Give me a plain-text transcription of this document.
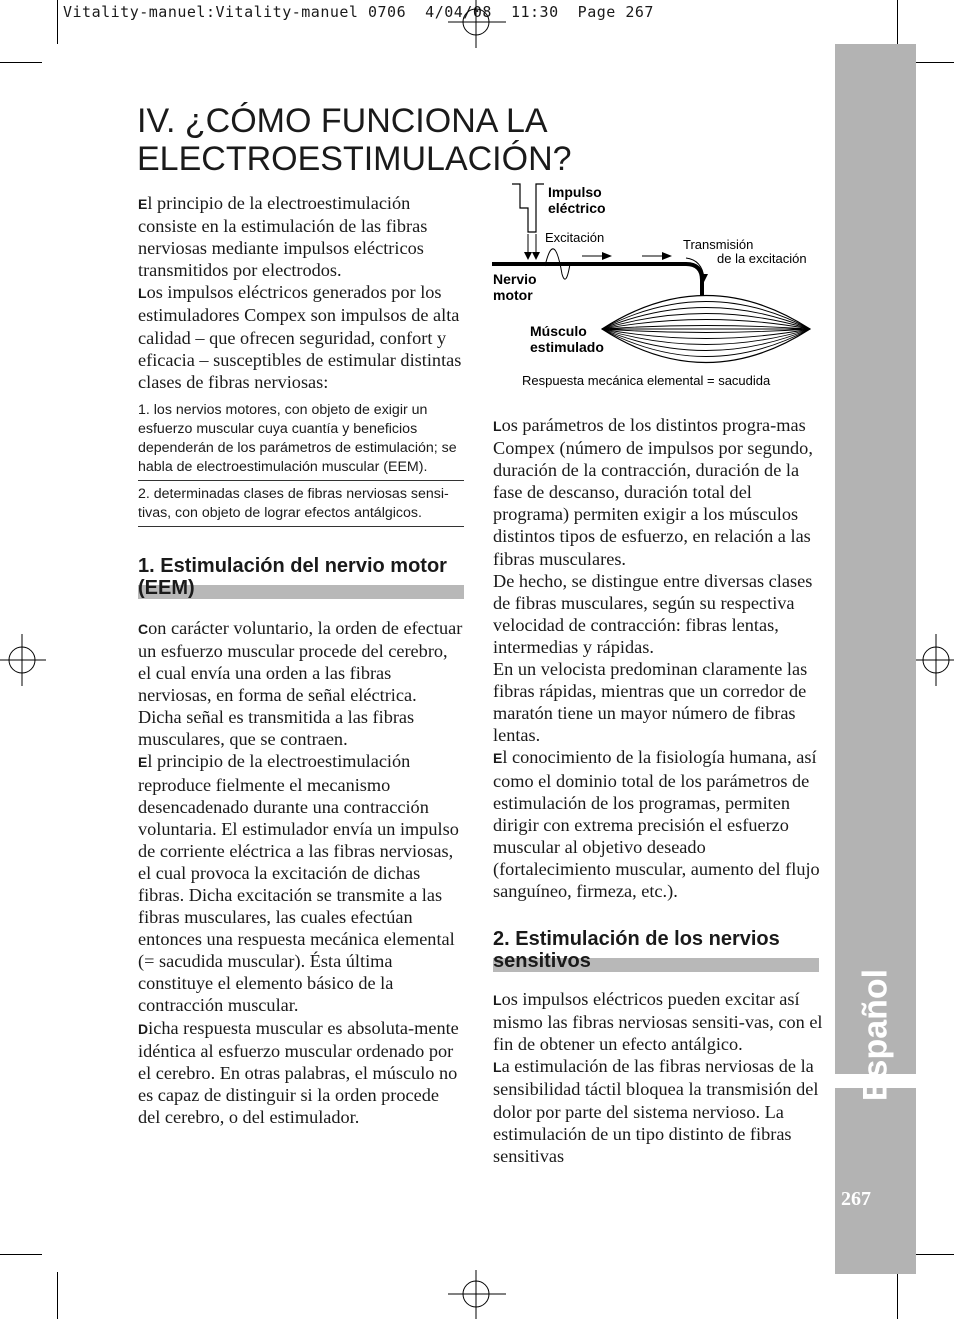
Vitality-manuel:Vitality-manuel 0706  4/04/08  11:30  Page 267
Español
267
IV. ¿CÓMO FUNCIONA LA ELECTROESTIMULACIÓN?

El principio de la electroestimulación consiste en la estimulación de las fibras nerviosas mediante impulsos eléctricos transmitidos por electrodos.

Los impulsos eléctricos generados por los estimuladores Compex son impulsos de alta calidad – que ofrecen seguridad, confort y eficacia – susceptibles de estimular distintas clases de fibras nerviosas:

1. los nervios motores, con objeto de exigir un esfuerzo muscular cuya cuantía y beneficios dependerán de los parámetros de estimulación; se habla de electroestimulación muscular (EEM).

2. determinadas clases de fibras nerviosas sensi-tivas, con objeto de lograr efectos antálgicos.

1. Estimulación del nervio motor (EEM)

Con carácter voluntario, la orden de efectuar un esfuerzo muscular procede del cerebro, el cual envía una orden a las fibras nerviosas, en forma de señal eléctrica. Dicha señal es transmitida a las fibras musculares, que se contraen.

El principio de la electroestimulación reproduce fielmente el mecanismo desencadenado durante una contracción voluntaria. El estimulador envía un impulso de corriente eléctrica a las fibras nerviosas, el cual provoca la excitación de dichas fibras. Dicha excitación se transmite a las fibras musculares, las cuales efectúan entonces una respuesta mecánica elemental (= sacudida muscular). Ésta última constituye el elemento básico de la contracción muscular.

Dicha respuesta muscular es absoluta-mente idéntica al esfuerzo muscular ordenado por el cerebro. En otras palabras, el músculo no es capaz de distinguir si la orden procede del cerebro, o del estimulador.

Impulso
eléctrico
Excitación	Transmisión
de la excitación
Nervio
motor
Músculo
estimulado
Respuesta mecánica elemental = sacudida

Los parámetros de los distintos progra-mas Compex (número de impulsos por segundo, duración de la contracción, duración de la fase de descanso, duración total del programa) permiten exigir a los músculos distintos tipos de esfuerzo, en relación a las fibras musculares.

De hecho, se distingue entre diversas clases de fibras musculares, según su respectiva velocidad de contracción: fibras lentas, intermedias y rápidas.

En un velocista predominan claramente las fibras rápidas, mientras que un corredor de maratón tiene un mayor número de fibras lentas.

El conocimiento de la fisiología humana, así como el dominio total de los parámetros de estimulación de los programas, permiten dirigir con extrema precisión el esfuerzo muscular al objetivo deseado (fortalecimiento muscular, aumento del flujo sanguíneo, firmeza, etc.).

2. Estimulación de los nervios sensitivos

Los impulsos eléctricos pueden excitar así mismo las fibras nerviosas sensiti-vas, con el fin de obtener un efecto antálgico.

La estimulación de las fibras nerviosas de la sensibilidad táctil bloquea la transmisión del dolor por parte del sistema nervioso. La estimulación de un tipo distinto de fibras sensitivas
